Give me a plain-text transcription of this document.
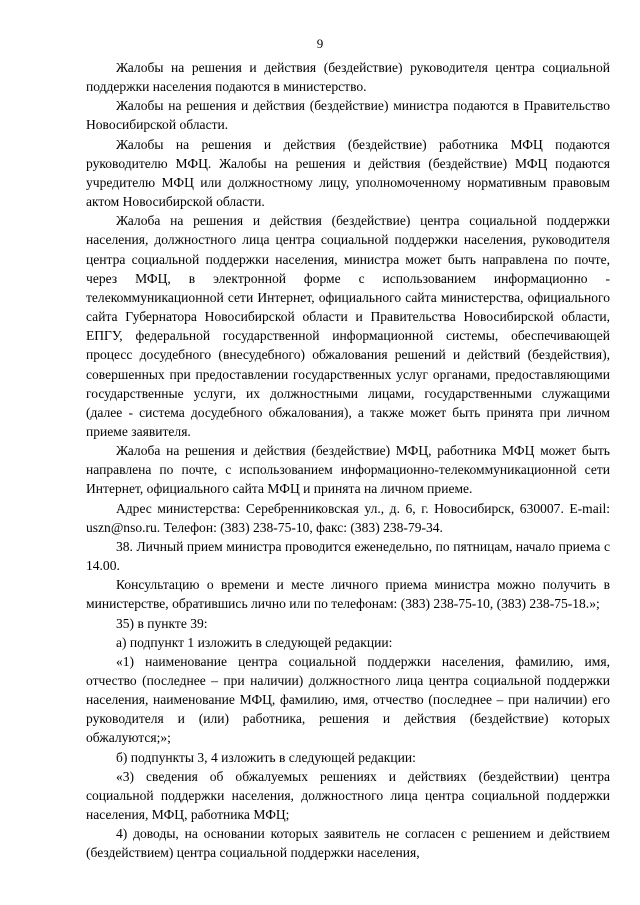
9

Жалобы на решения и действия (бездействие) руководителя центра социальной поддержки населения подаются в министерство.

Жалобы на решения и действия (бездействие) министра подаются в Правительство Новосибирской области.

Жалобы на решения и действия (бездействие) работника МФЦ подаются руководителю МФЦ. Жалобы на решения и действия (бездействие) МФЦ подаются учредителю МФЦ или должностному лицу, уполномоченному нормативным правовым актом Новосибирской области.

Жалоба на решения и действия (бездействие) центра социальной поддержки населения, должностного лица центра социальной поддержки населения, руководителя центра социальной поддержки населения, министра может быть направлена по почте, через МФЦ, в электронной форме с использованием информационно - телекоммуникационной сети Интернет, официального сайта министерства, официального сайта Губернатора Новосибирской области и Правительства Новосибирской области, ЕПГУ, федеральной государственной информационной системы, обеспечивающей процесс досудебного (внесудебного) обжалования решений и действий (бездействия), совершенных при предоставлении государственных услуг органами, предоставляющими государственные услуги, их должностными лицами, государственными служащими (далее - система досудебного обжалования), а также может быть принята при личном приеме заявителя.

Жалоба на решения и действия (бездействие) МФЦ, работника МФЦ может быть направлена по почте, с использованием информационно-телекоммуникационной сети Интернет, официального сайта МФЦ и принята на личном приеме.

Адрес министерства: Серебренниковская ул., д. 6, г. Новосибирск, 630007. E-mail: uszn@nso.ru. Телефон: (383) 238-75-10, факс: (383) 238-79-34.

38. Личный прием министра проводится еженедельно, по пятницам, начало приема с 14.00.

Консультацию о времени и месте личного приема министра можно получить в министерстве, обратившись лично или по телефонам: (383) 238-75-10, (383) 238-75-18.»;

35) в пункте 39:

а) подпункт 1 изложить в следующей редакции:

«1) наименование центра социальной поддержки населения, фамилию, имя, отчество (последнее – при наличии) должностного лица центра социальной поддержки населения, наименование МФЦ, фамилию, имя, отчество (последнее – при наличии) его руководителя и (или) работника, решения и действия (бездействие) которых обжалуются;»;

б) подпункты 3, 4 изложить в следующей редакции:

«3) сведения об обжалуемых решениях и действиях (бездействии) центра социальной поддержки населения, должностного лица центра социальной поддержки населения, МФЦ, работника МФЦ;

4) доводы, на основании которых заявитель не согласен с решением и действием (бездействием) центра социальной поддержки населения,
